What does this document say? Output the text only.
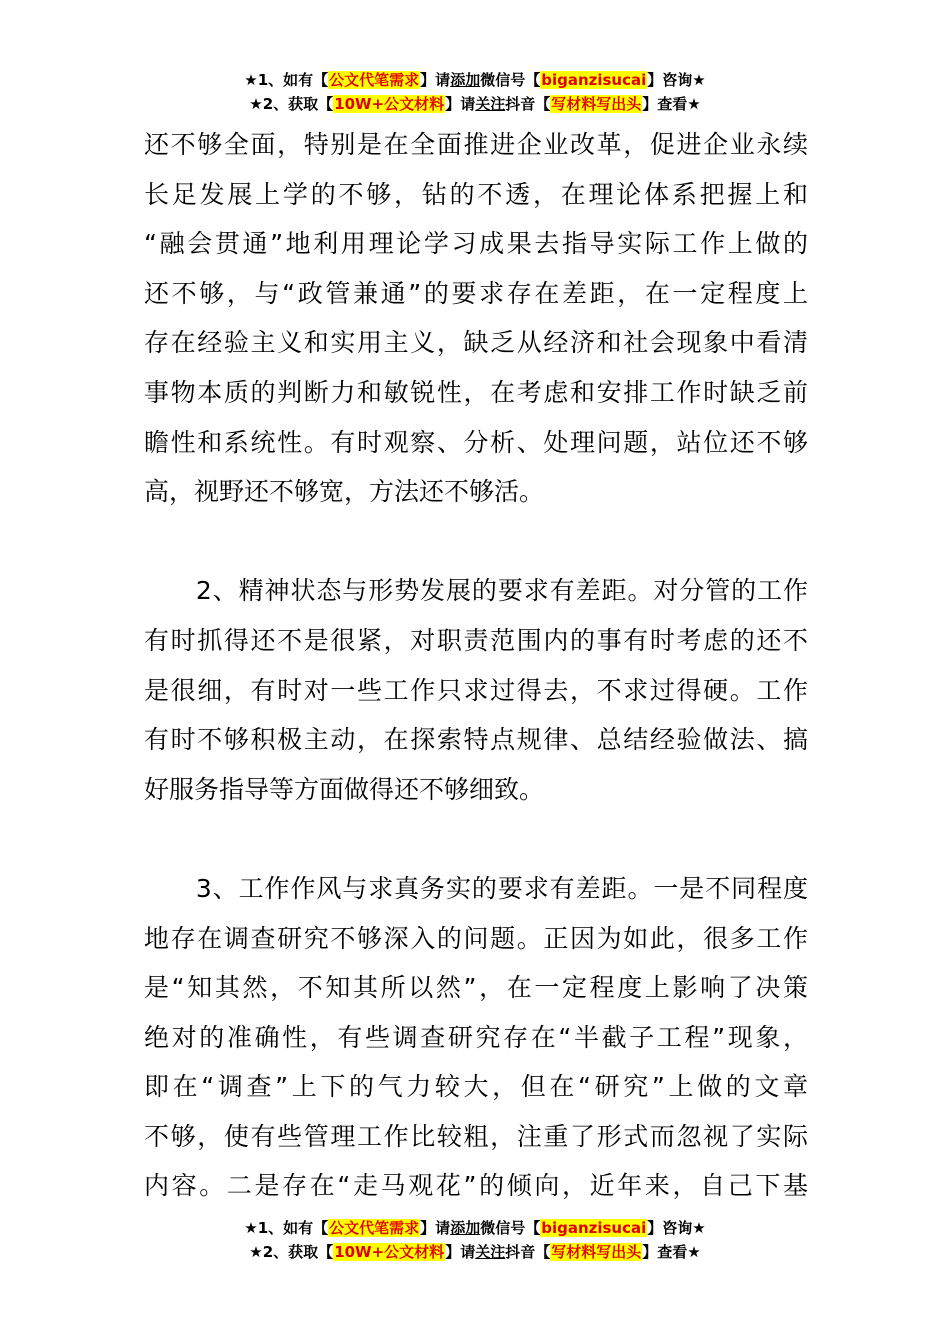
★1、如有【公文代笔需求】请添加微信号【biganzisucai】咨询★
★2、获取【10W+公文材料】请关注抖音【写材料写出头】查看★
还不够全面，特别是在全面推进企业改革，促进企业永续
长足发展上学的不够，钻的不透，在理论体系把握上和
“融会贯通”地利用理论学习成果去指导实际工作上做的
还不够，与“政管兼通”的要求存在差距，在一定程度上
存在经验主义和实用主义，缺乏从经济和社会现象中看清
事物本质的判断力和敏锐性，在考虑和安排工作时缺乏前
瞻性和系统性。有时观察、分析、处理问题，站位还不够
高，视野还不够宽，方法还不够活。
　　2、精神状态与形势发展的要求有差距。对分管的工作
有时抓得还不是很紧，对职责范围内的事有时考虑的还不
是很细，有时对一些工作只求过得去，不求过得硬。工作
有时不够积极主动，在探索特点规律、总结经验做法、搞
好服务指导等方面做得还不够细致。
　　3、工作作风与求真务实的要求有差距。一是不同程度
地存在调查研究不够深入的问题。正因为如此，很多工作
是“知其然，不知其所以然”，在一定程度上影响了决策
绝对的准确性，有些调查研究存在“半截子工程”现象，
即在“调查”上下的气力较大，但在“研究”上做的文章
不够，使有些管理工作比较粗，注重了形式而忽视了实际
内容。二是存在“走马观花”的倾向，近年来，自己下基
★1、如有【公文代笔需求】请添加微信号【biganzisucai】咨询★
★2、获取【10W+公文材料】请关注抖音【写材料写出头】查看★
